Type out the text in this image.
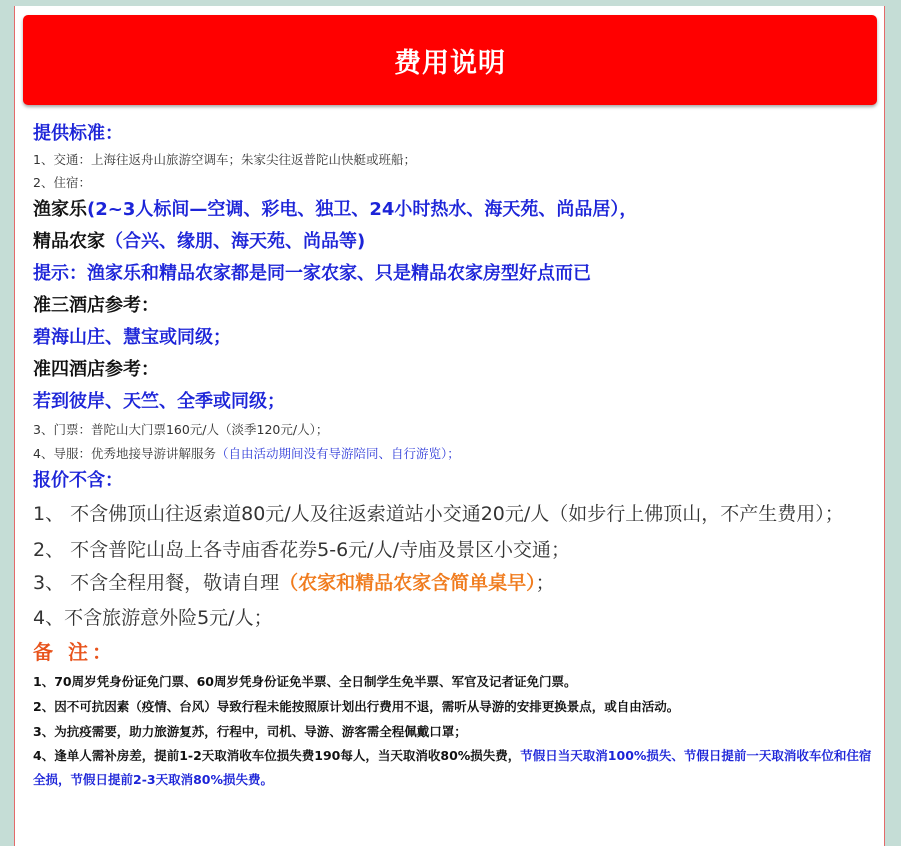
费用说明

提供标准：

1、交通：上海往返舟山旅游空调车；朱家尖往返普陀山快艇或班船；

2、住宿：

渔家乐(2~3人标间—空调、彩电、独卫、24小时热水、海天苑、尚品居），

精品农家（合兴、缘朋、海天苑、尚品等)

提示：渔家乐和精品农家都是同一家农家、只是精品农家房型好点而已

准三酒店参考：

碧海山庄、慧宝或同级；

准四酒店参考：

若到彼岸、天竺、全季或同级；

3、门票：普陀山大门票160元/人（淡季120元/人）；

4、导服：优秀地接导游讲解服务（自由活动期间没有导游陪同、自行游览）；

报价不含：

1、 不含佛顶山往返索道80元/人及往返索道站小交通20元/人（如步行上佛顶山，不产生费用）；

2、 不含普陀山岛上各寺庙香花券5-6元/人/寺庙及景区小交通；

3、 不含全程用餐，敬请自理（农家和精品农家含简单桌早）；

4、不含旅游意外险5元/人；

备 注：

1、70周岁凭身份证免门票、60周岁凭身份证免半票、全日制学生免半票、军官及记者证免门票。

2、因不可抗因素（疫情、台风）导致行程未能按照原计划出行费用不退，需听从导游的安排更换景点，或自由活动。

3、为抗疫需要，助力旅游复苏，行程中，司机、导游、游客需全程佩戴口罩；

4、逢单人需补房差，提前1-2天取消收车位损失费190每人，当天取消收80%损失费，节假日当天取消100%损失、节假日提前一天取消收车位和住宿全损，节假日提前2-3天取消80%损失费。
